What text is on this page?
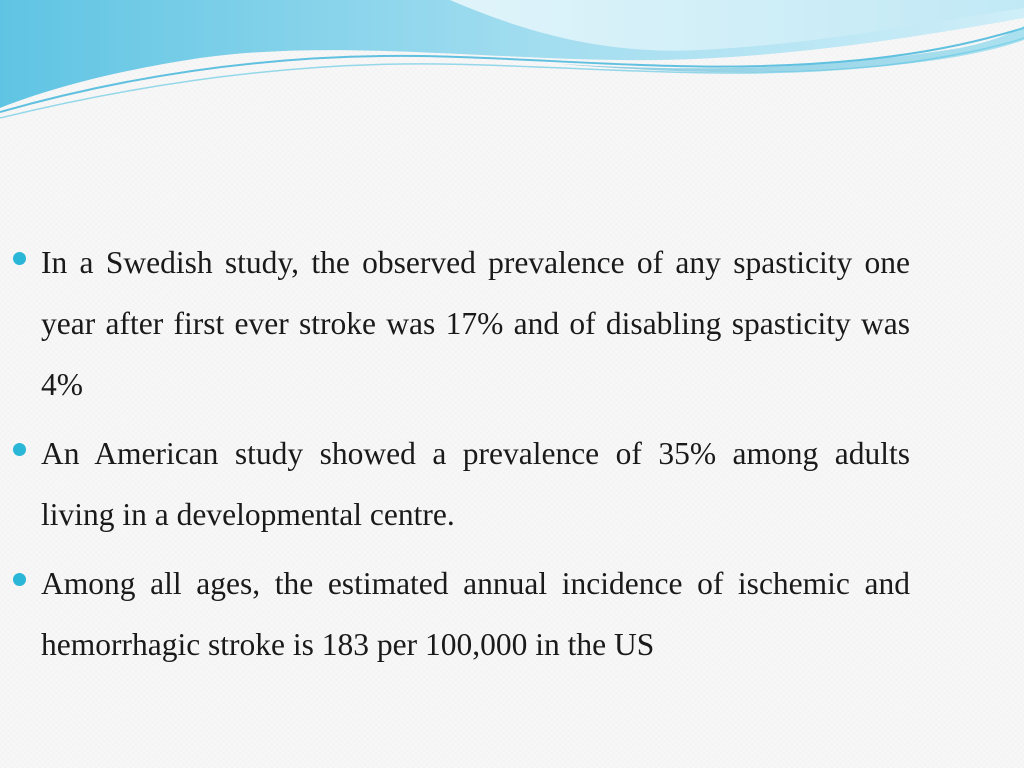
In a Swedish study, the observed prevalence of any spasticity one year after first ever stroke was 17% and of disabling spasticity was 4%
An American study showed a prevalence of 35% among adults living in a developmental centre.
Among all ages, the estimated annual incidence of ischemic and hemorrhagic stroke is 183 per 100,000 in the US
